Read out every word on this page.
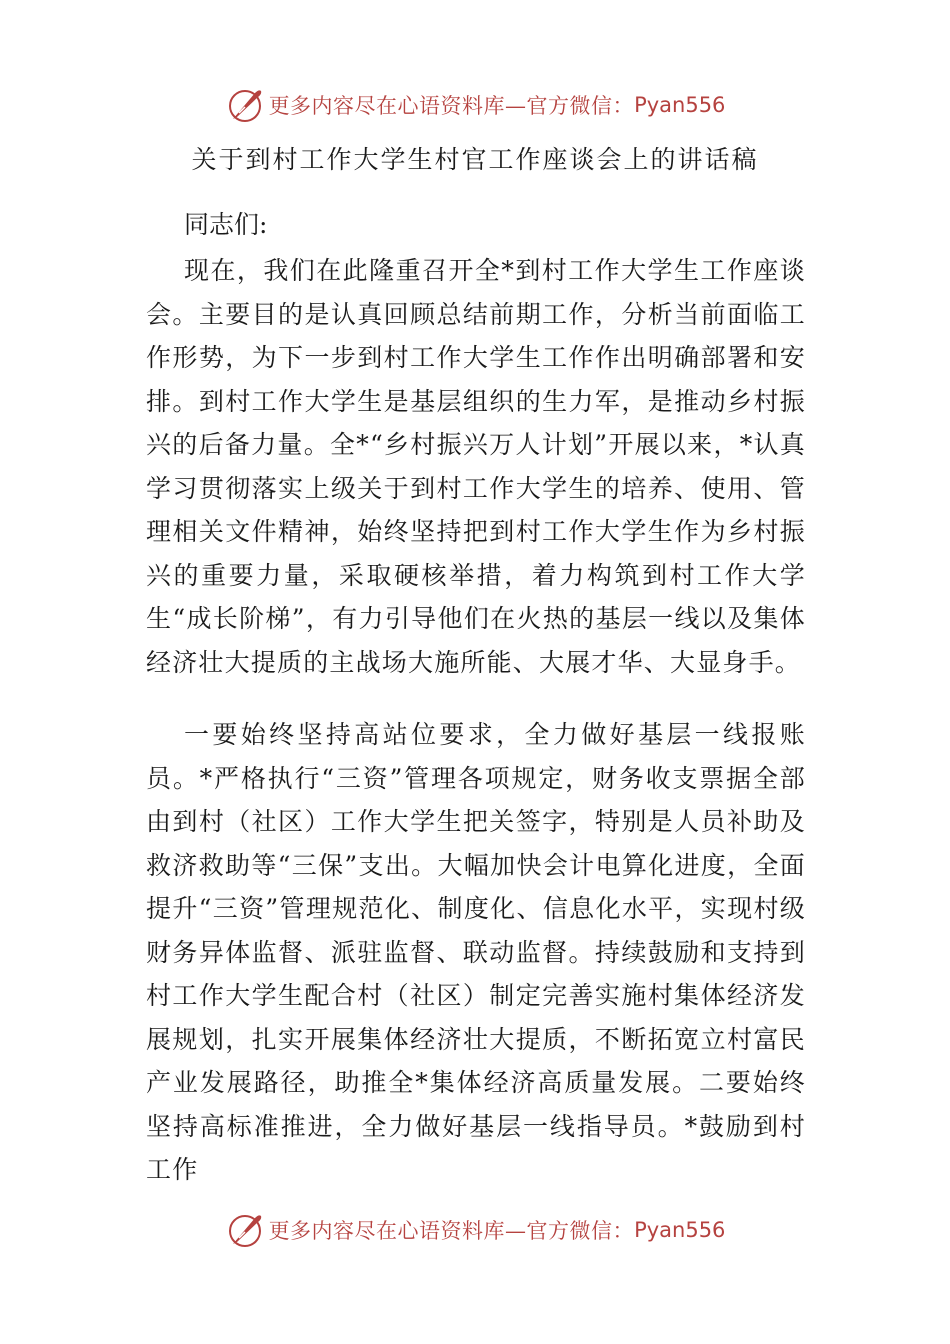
更多内容尽在心语资料库—官方微信： Pyan556
关于到村工作大学生村官工作座谈会上的讲话稿
同志们:

现在，我们在此隆重召开全*到村工作大学生工作座谈会。主要目的是认真回顾总结前期工作，分析当前面临工作形势，为下一步到村工作大学生工作作出明确部署和安排。到村工作大学生是基层组织的生力军，是推动乡村振兴的后备力量。全*“乡村振兴万人计划”开展以来，*认真学习贯彻落实上级关于到村工作大学生的培养、使用、管理相关文件精神，始终坚持把到村工作大学生作为乡村振兴的重要力量，采取硬核举措，着力构筑到村工作大学生“成长阶梯”，有力引导他们在火热的基层一线以及集体经济壮大提质的主战场大施所能、大展才华、大显身手。

一要始终坚持高站位要求，全力做好基层一线报账员。*严格执行“三资”管理各项规定，财务收支票据全部由到村（社区）工作大学生把关签字，特别是人员补助及救济救助等“三保”支出。大幅加快会计电算化进度，全面提升“三资”管理规范化、制度化、信息化水平，实现村级财务异体监督、派驻监督、联动监督。持续鼓励和支持到村工作大学生配合村（社区）制定完善实施村集体经济发展规划，扎实开展集体经济壮大提质，不断拓宽立村富民产业发展路径，助推全*集体经济高质量发展。二要始终坚持高标准推进，全力做好基层一线指导员。*鼓励到村工作

更多内容尽在心语资料库—官方微信： Pyan556
